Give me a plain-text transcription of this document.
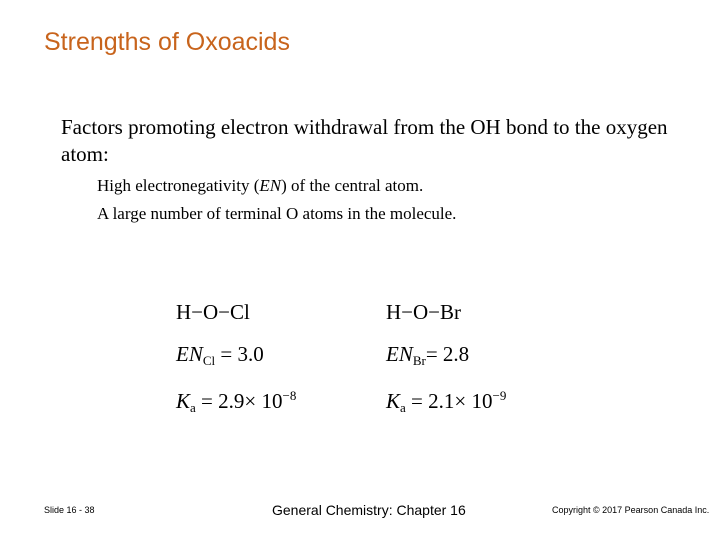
Strengths of Oxoacids
Factors promoting electron withdrawal from the OH bond to the oxygen atom:
High electronegativity (EN) of the central atom.
A large number of terminal O atoms in the molecule.
H−O−Cl
$EN_{Cl} = 3.0$
$K_a = 2.9\times 10^{-8}$
H−O−Br
$EN_{Br}= 2.8$
$K_a = 2.1\times 10^{-9}$
Slide 16 - 38	General Chemistry: Chapter 16	Copyright © 2017 Pearson Canada Inc.
